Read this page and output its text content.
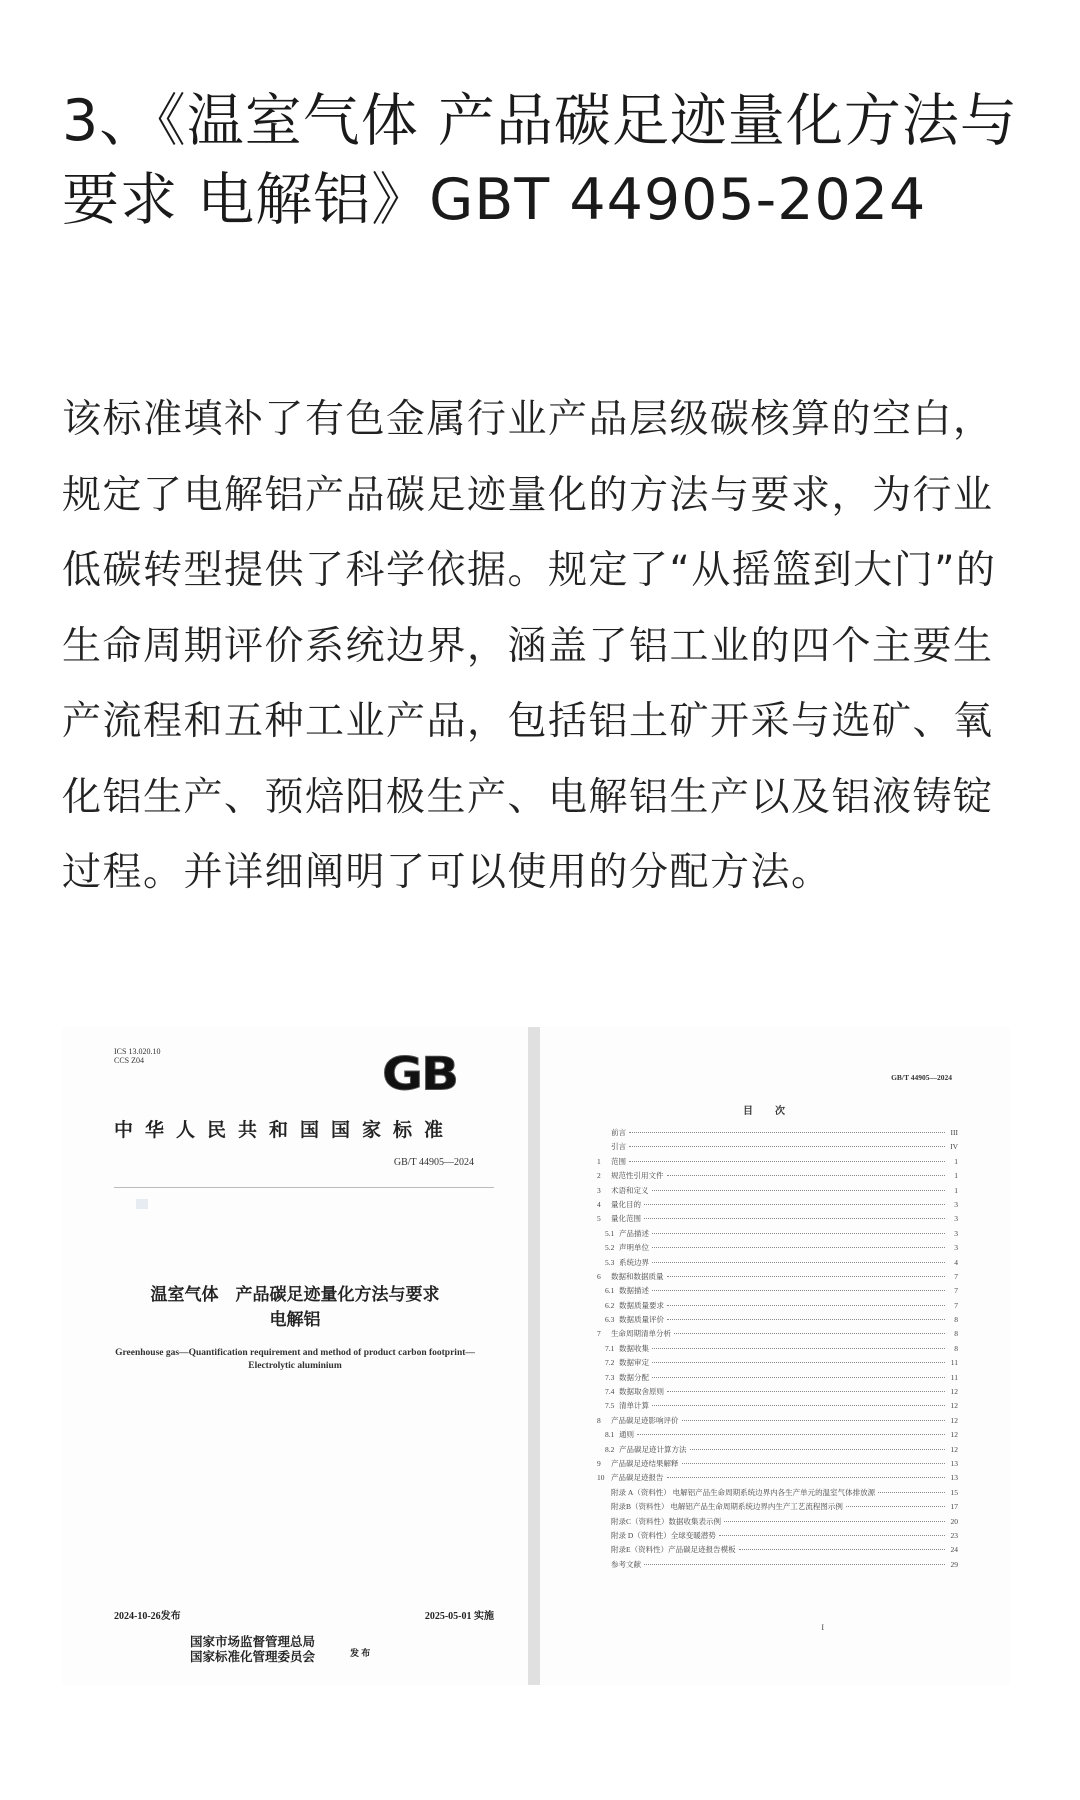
3、《温室气体 产品碳足迹量化方法与要求 电解铝》GBT 44905-2024

该标准填补了有色金属行业产品层级碳核算的空白，规定了电解铝产品碳足迹量化的方法与要求，为行业低碳转型提供了科学依据。规定了“从摇篮到大门”的生命周期评价系统边界，涵盖了铝工业的四个主要生产流程和五种工业产品，包括铝土矿开采与选矿、氧化铝生产、预焙阳极生产、电解铝生产以及铝液铸锭过程。并详细阐明了可以使用的分配方法。

ICS 13.020.10
CCS Z04	GB
中华人民共和国国家标准
GB/T 44905—2024
温室气体　产品碳足迹量化方法与要求
电解铝
Greenhouse gas—Quantification requirement and method of product carbon footprint—Electrolytic aluminium
2024-10-26发布	2025-05-01 实施
国家市场监督管理总局
国家标准化管理委员会	发 布
GB/T 44905—2024
目次
前言	III
引言	IV
1	范围	1
2	规范性引用文件	1
3	术语和定义	1
4	量化目的	3
5	量化范围	3
5.1 产品描述	3
5.2 声明单位	3
5.3 系统边界	4
6	数据和数据质量	7
6.1 数据描述	7
6.2 数据质量要求	7
6.3 数据质量评价	8
7	生命周期清单分析	8
7.1 数据收集	8
7.2 数据审定	11
7.3 数据分配	11
7.4 数据取舍原则	12
7.5 清单计算	12
8	产品碳足迹影响评价	12
8.1 通则	12
8.2 产品碳足迹计算方法	12
9	产品碳足迹结果解释	13
10 产品碳足迹报告	13
附录 A（资料性） 电解铝产品生命周期系统边界内各生产单元的温室气体排放源	15
附录B（资料性） 电解铝产品生命周期系统边界内生产工艺流程图示例	17
附录C（资料性）数据收集表示例	20
附录 D（资料性）全球变暖潜势	23
附录E（资料性）产品碳足迹报告模板	24
参考文献	29
I
